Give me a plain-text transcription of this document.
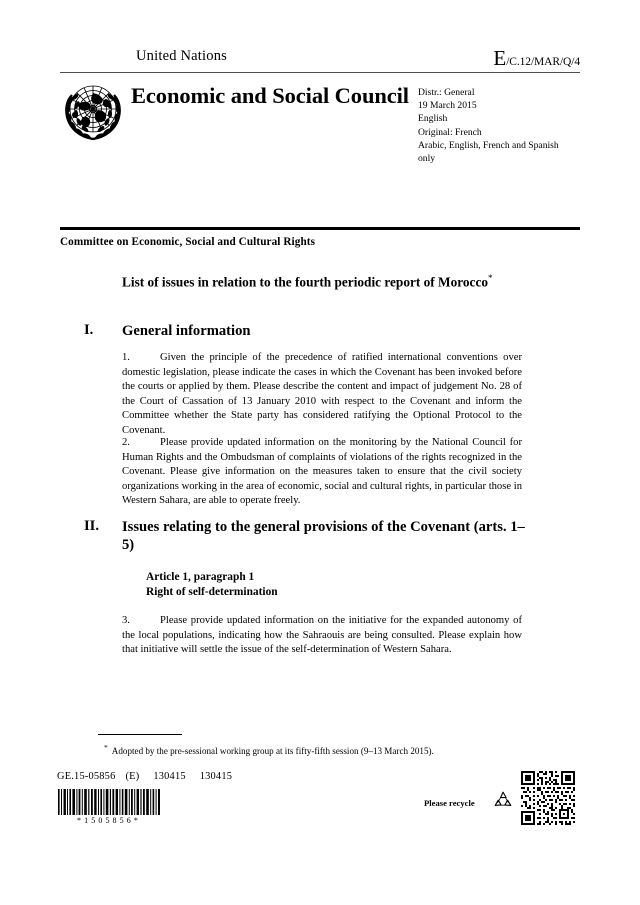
United Nations	E/C.12/MAR/Q/4
Economic and Social Council Distr.: General
19 March 2015
English
Original: French
Arabic, English, French and Spanish only
Committee on Economic, Social and Cultural Rights
List of issues in relation to the fourth periodic report of Morocco*
I. General information
1.	Given the principle of the precedence of ratified international conventions over domestic legislation, please indicate the cases in which the Covenant has been invoked before the courts or applied by them. Please describe the content and impact of judgement No. 28 of the Court of Cassation of 13 January 2010 with respect to the Covenant and inform the Committee whether the State party has considered ratifying the Optional Protocol to the Covenant.
2.	Please provide updated information on the monitoring by the National Council for Human Rights and the Ombudsman of complaints of violations of the rights recognized in the Covenant. Please give information on the measures taken to ensure that the civil society organizations working in the area of economic, social and cultural rights, in particular those in Western Sahara, are able to operate freely.
II. Issues relating to the general provisions of the Covenant (arts. 1–5)
Article 1, paragraph 1
Right of self-determination
3.	Please provide updated information on the initiative for the expanded autonomy of the local populations, indicating how the Sahraouis are being consulted. Please explain how that initiative will settle the issue of the self-determination of Western Sahara.
* Adopted by the pre-sessional working group at its fifty-fifth session (9–13 March 2015).
GE.15-05856 (E) 130415 130415
*1505856*
Please recycle
